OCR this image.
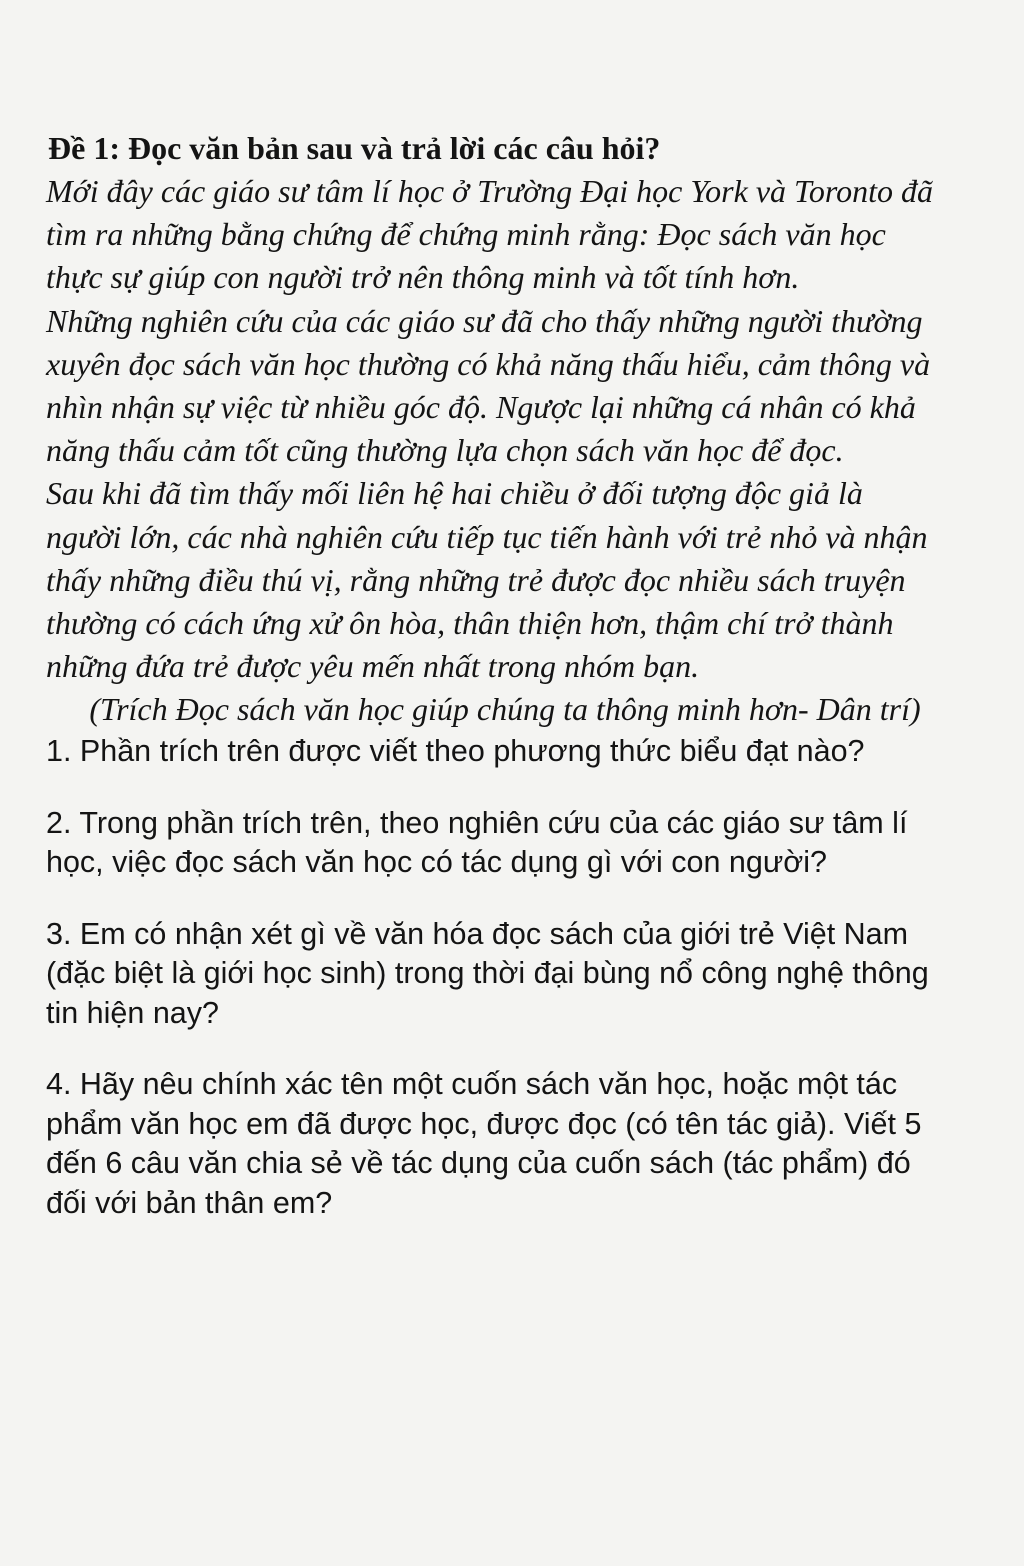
Đề 1: Đọc văn bản sau và trả lời các câu hỏi?

Mới đây các giáo sư tâm lí học ở Trường Đại học York và Toronto đã tìm ra những bằng chứng để chứng minh rằng: Đọc sách văn học thực sự giúp con người trở nên thông minh và tốt tính hơn.

Những nghiên cứu của các giáo sư đã cho thấy những người thường xuyên đọc sách văn học thường có khả năng thấu hiểu, cảm thông và nhìn nhận sự việc từ nhiều góc độ. Ngược lại những cá nhân có khả năng thấu cảm tốt cũng thường lựa chọn sách văn học để đọc.

Sau khi đã tìm thấy mối liên hệ hai chiều ở đối tượng độc giả là người lớn, các nhà nghiên cứu tiếp tục tiến hành với trẻ nhỏ và nhận thấy những điều thú vị, rằng những trẻ được đọc nhiều sách truyện thường có cách ứng xử ôn hòa, thân thiện hơn, thậm chí trở thành những đứa trẻ được yêu mến nhất trong nhóm bạn.

(Trích Đọc sách văn học giúp chúng ta thông minh hơn- Dân trí)

1. Phần trích trên được viết theo phương thức biểu đạt nào?

2. Trong phần trích trên, theo nghiên cứu của các giáo sư tâm lí học, việc đọc sách văn học có tác dụng gì với con người?

3. Em có nhận xét gì về văn hóa đọc sách của giới trẻ Việt Nam (đặc biệt là giới học sinh) trong thời đại bùng nổ công nghệ thông tin hiện nay?

4. Hãy nêu chính xác tên một cuốn sách văn học, hoặc một tác phẩm văn học em đã được học, được đọc (có tên tác giả). Viết 5 đến 6 câu văn chia sẻ về tác dụng của cuốn sách (tác phẩm) đó đối với bản thân em?
